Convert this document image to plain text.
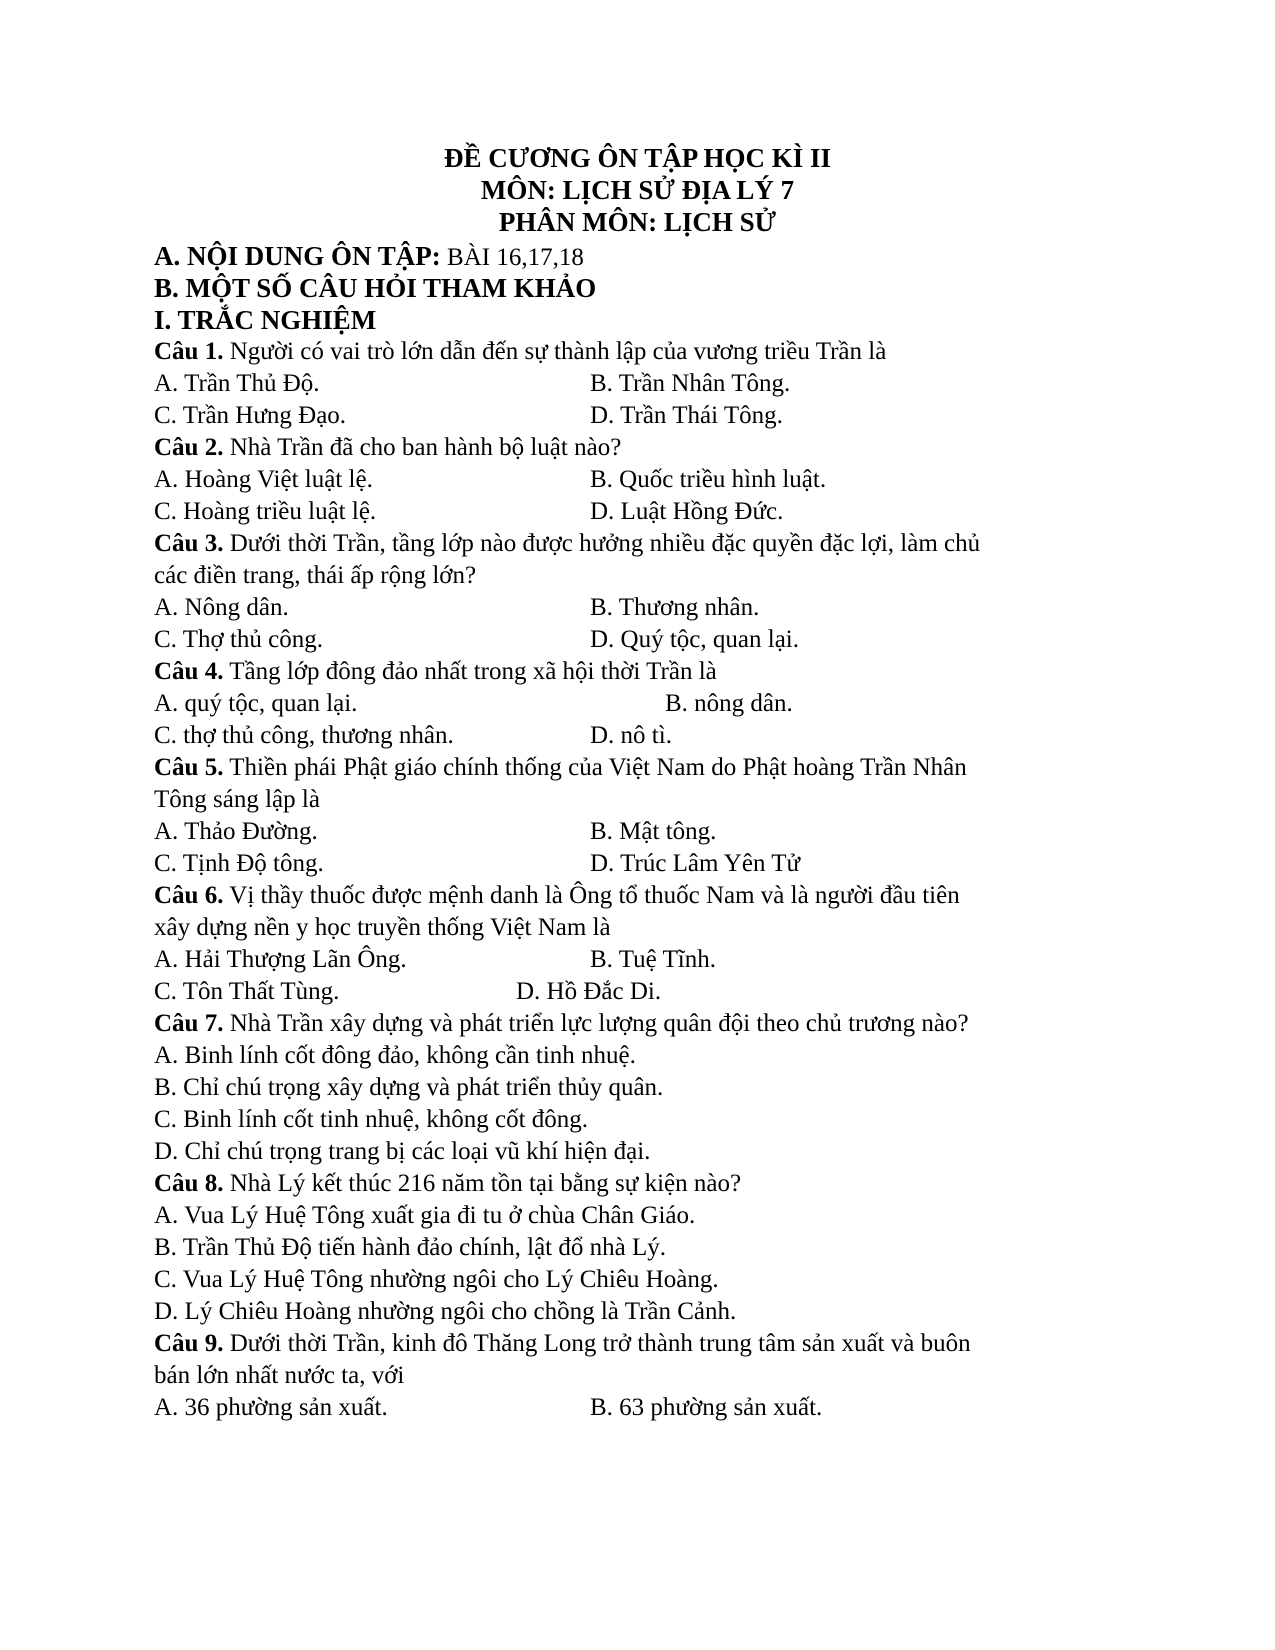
ĐỀ CƯƠNG ÔN TẬP HỌC KÌ II
MÔN: LỊCH SỬ ĐỊA LÝ 7
PHÂN MÔN: LỊCH SỬ
A. NỘI DUNG ÔN TẬP: BÀI 16,17,18
B. MỘT SỐ CÂU HỎI THAM KHẢO
I. TRẮC NGHIỆM
Câu 1. Người có vai trò lớn dẫn đến sự thành lập của vương triều Trần là
A. Trần Thủ Độ.	B. Trần Nhân Tông.
C. Trần Hưng Đạo.	D. Trần Thái Tông.
Câu 2. Nhà Trần đã cho ban hành bộ luật nào?
A. Hoàng Việt luật lệ.	B. Quốc triều hình luật.
C. Hoàng triều luật lệ.	D. Luật Hồng Đức.
Câu 3. Dưới thời Trần, tầng lớp nào được hưởng nhiều đặc quyền đặc lợi, làm chủ
các điền trang, thái ấp rộng lớn?
A. Nông dân.	B. Thương nhân.
C. Thợ thủ công.	D. Quý tộc, quan lại.
Câu 4. Tầng lớp đông đảo nhất trong xã hội thời Trần là
A. quý tộc, quan lại.	B. nông dân.
C. thợ thủ công, thương nhân.	D. nô tì.
Câu 5. Thiền phái Phật giáo chính thống của Việt Nam do Phật hoàng Trần Nhân
Tông sáng lập là
A. Thảo Đường.	B. Mật tông.
C. Tịnh Độ tông.	D. Trúc Lâm Yên Tử
Câu 6. Vị thầy thuốc được mệnh danh là Ông tổ thuốc Nam và là người đầu tiên
xây dựng nền y học truyền thống Việt Nam là
A. Hải Thượng Lãn Ông.	B. Tuệ Tĩnh.
C. Tôn Thất Tùng.	D. Hồ Đắc Di.
Câu 7. Nhà Trần xây dựng và phát triển lực lượng quân đội theo chủ trương nào?
A. Binh lính cốt đông đảo, không cần tinh nhuệ.
B. Chỉ chú trọng xây dựng và phát triển thủy quân.
C. Binh lính cốt tinh nhuệ, không cốt đông.
D. Chỉ chú trọng trang bị các loại vũ khí hiện đại.
Câu 8. Nhà Lý kết thúc 216 năm tồn tại bằng sự kiện nào?
A. Vua Lý Huệ Tông xuất gia đi tu ở chùa Chân Giáo.
B. Trần Thủ Độ tiến hành đảo chính, lật đổ nhà Lý.
C. Vua Lý Huệ Tông nhường ngôi cho Lý Chiêu Hoàng.
D. Lý Chiêu Hoàng nhường ngôi cho chồng là Trần Cảnh.
Câu 9. Dưới thời Trần, kinh đô Thăng Long trở thành trung tâm sản xuất và buôn
bán lớn nhất nước ta, với
A. 36 phường sản xuất.	B. 63 phường sản xuất.
